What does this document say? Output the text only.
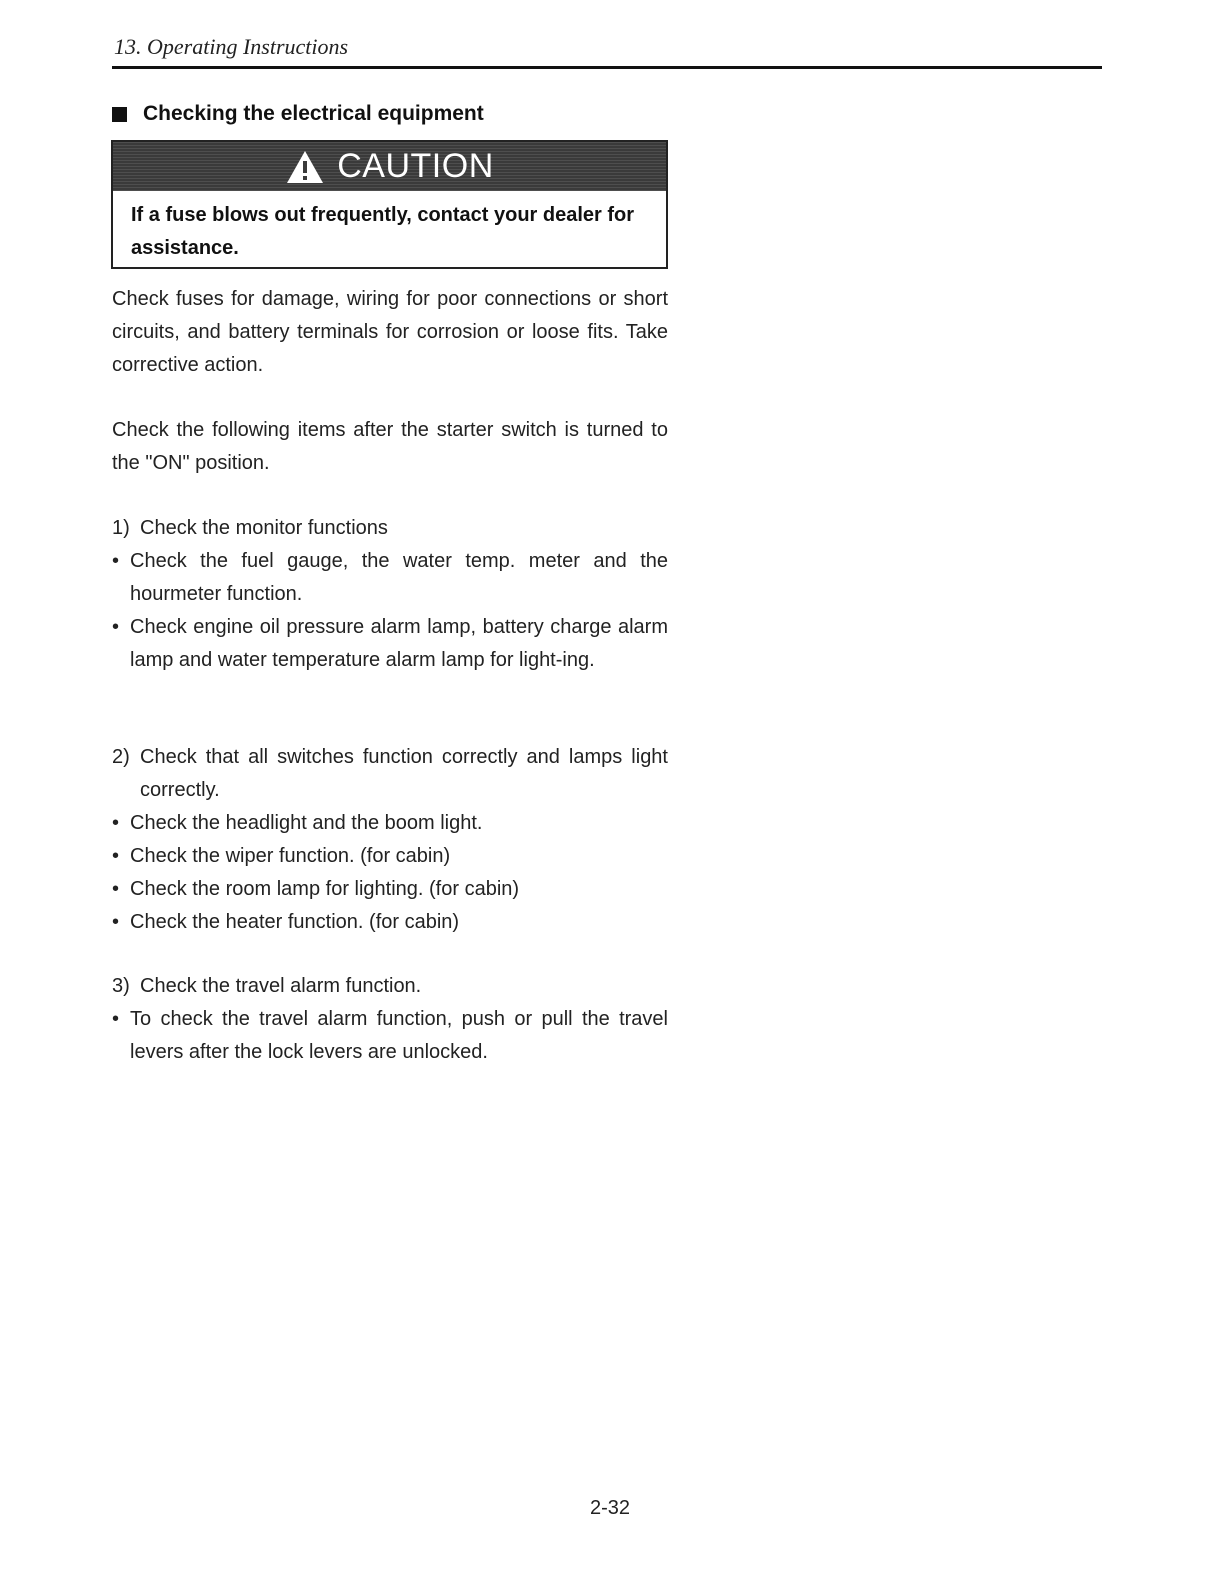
13. Operating Instructions
Checking the electrical equipment
CAUTION
If a fuse blows out frequently, contact your dealer for assistance.

Check fuses for damage, wiring for poor connections or short circuits, and battery terminals for corrosion or loose fits. Take corrective action.

Check the following items after the starter switch is turned to the "ON" position.

1) Check the monitor functions
• Check the fuel gauge, the water temp. meter and the hourmeter function.
• Check engine oil pressure alarm lamp, battery charge alarm lamp and water temperature alarm lamp for light-ing.
2) Check that all switches function correctly and lamps light correctly.
• Check the headlight and the boom light.
• Check the wiper function. (for cabin)
• Check the room lamp for lighting. (for cabin)
• Check the heater function. (for cabin)
3) Check the travel alarm function.
• To check the travel alarm function, push or pull the travel levers after the lock levers are unlocked.
2-32
